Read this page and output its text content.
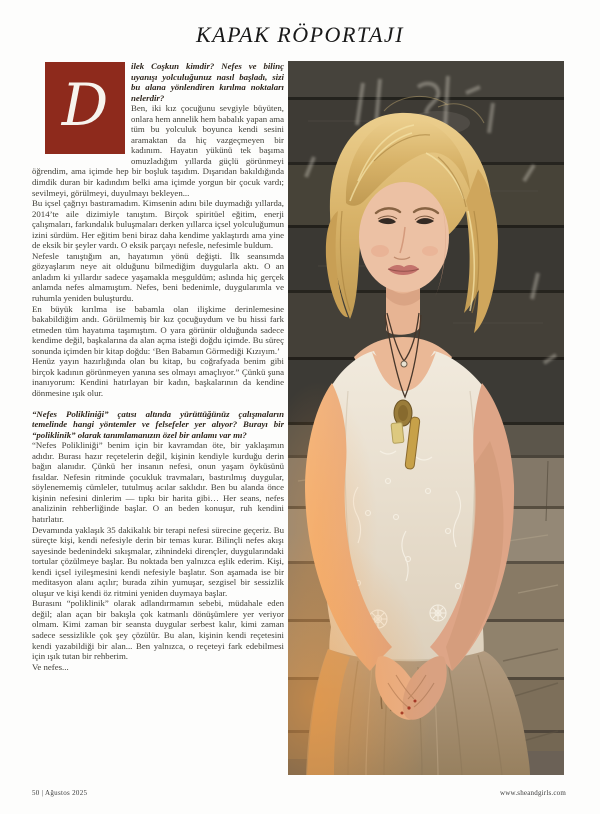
KAPAK RÖPORTAJI
D

ilek Coşkun kimdir? Nefes ve bilinç uyanışı yolculuğunuz nasıl başladı, sizi bu alana yönlendiren kırılma noktaları nelerdir?

Ben, iki kız çocuğunu sevgiyle büyüten, onlara hem annelik hem babalık yapan ama tüm bu yolculuk boyunca kendi sesini aramaktan da hiç vazgeçmeyen bir kadınım. Hayatın yükünü tek başıma omuzladığım yıllarda güçlü görünmeyi öğrendim, ama içimde hep bir boşluk taşıdım. Dışarıdan bakıldığında dimdik duran bir kadındım belki ama içimde yorgun bir çocuk vardı; sevilmeyi, görülmeyi, duyulmayı bekleyen...

Bu içsel çağrıyı bastıramadım. Kimsenin adını bile duymadığı yıllarda, 2014’te aile dizimiyle tanıştım. Birçok spiritüel eğitim, enerji çalışmaları, farkındalık buluşmaları derken yıllarca içsel yolculuğumun izini sürdüm. Her eğitim beni biraz daha kendime yaklaştırdı ama yine de eksik bir şeyler vardı. O eksik parçayı nefesle, nefesimle buldum.

Nefesle tanıştığım an, hayatımın yönü değişti. İlk seansımda gözyaşlarım neye ait olduğunu bilmediğim duygularla aktı. O an anladım ki yıllardır sadece yaşamakla meşguldüm; aslında hiç gerçek anlamda nefes almamıştım. Nefes, beni bedenimle, duygularımla ve ruhumla yeniden buluşturdu.

En büyük kırılma ise babamla olan ilişkime derinlemesine bakabildiğim andı. Görülmemiş bir kız çocuğuydum ve bu hissi fark etmeden tüm hayatıma taşımıştım. O yara görünür olduğunda sadece kendime değil, başkalarına da alan açma isteği doğdu içimde. Bu süreç sonunda içimden bir kitap doğdu: ‘Ben Babamın Görmediği Kızıyım.’

Henüz yayın hazırlığında olan bu kitap, bu coğrafyada benim gibi birçok kadının görünmeyen yanına ses olmayı amaçlıyor.” Çünkü şuna inanıyorum: Kendini hatırlayan bir kadın, başkalarının da kendine dönmesine ışık olur.

“Nefes Polikliniği” çatısı altında yürüttüğünüz çalışmaların temelinde hangi yöntemler ve felsefeler yer alıyor? Burayı bir “poliklinik” olarak tanımlamanızın özel bir anlamı var mı?

“Nefes Polikliniği” benim için bir kavramdan öte, bir yaklaşımın adıdır. Burası hazır reçetelerin değil, kişinin kendiyle kurduğu derin bağın alanıdır. Çünkü her insanın nefesi, onun yaşam öyküsünü fısıldar. Nefesin ritminde çocukluk travmaları, bastırılmış duygular, söylenememiş cümleler, tutulmuş acılar saklıdır. Ben bu alanda önce kişinin nefesini dinlerim — tıpkı bir harita gibi… Her seans, nefes analizinin rehberliğinde başlar. O an beden konuşur, ruh kendini hatırlatır.

Devamında yaklaşık 35 dakikalık bir terapi nefesi sürecine geçeriz. Bu süreçte kişi, kendi nefesiyle derin bir temas kurar. Bilinçli nefes akışı sayesinde bedenindeki sıkışmalar, zihnindeki dirençler, duygularındaki tortular çözülmeye başlar. Bu noktada ben yalnızca eşlik ederim. Kişi, kendi içsel iyileşmesini kendi nefesiyle başlatır. Son aşamada ise bir meditasyon alanı açılır; burada zihin yumuşar, sezgisel bir sessizlik oluşur ve kişi kendi öz ritmini yeniden duymaya başlar.

Burasını “poliklinik” olarak adlandırmamın sebebi, müdahale eden değil; alan açan bir bakışla çok katmanlı dönüşümlere yer veriyor olmam. Kimi zaman bir seansta duygular serbest kalır, kimi zaman sadece sessizlikle çok şey çözülür. Bu alan, kişinin kendi reçetesini kendi yazabildiği bir alan... Ben yalnızca, o reçeteyi fark edebilmesi için ışık tutan bir rehberim.

Ve nefes...

50 | Ağustos 2025	www.sheandgirls.com
